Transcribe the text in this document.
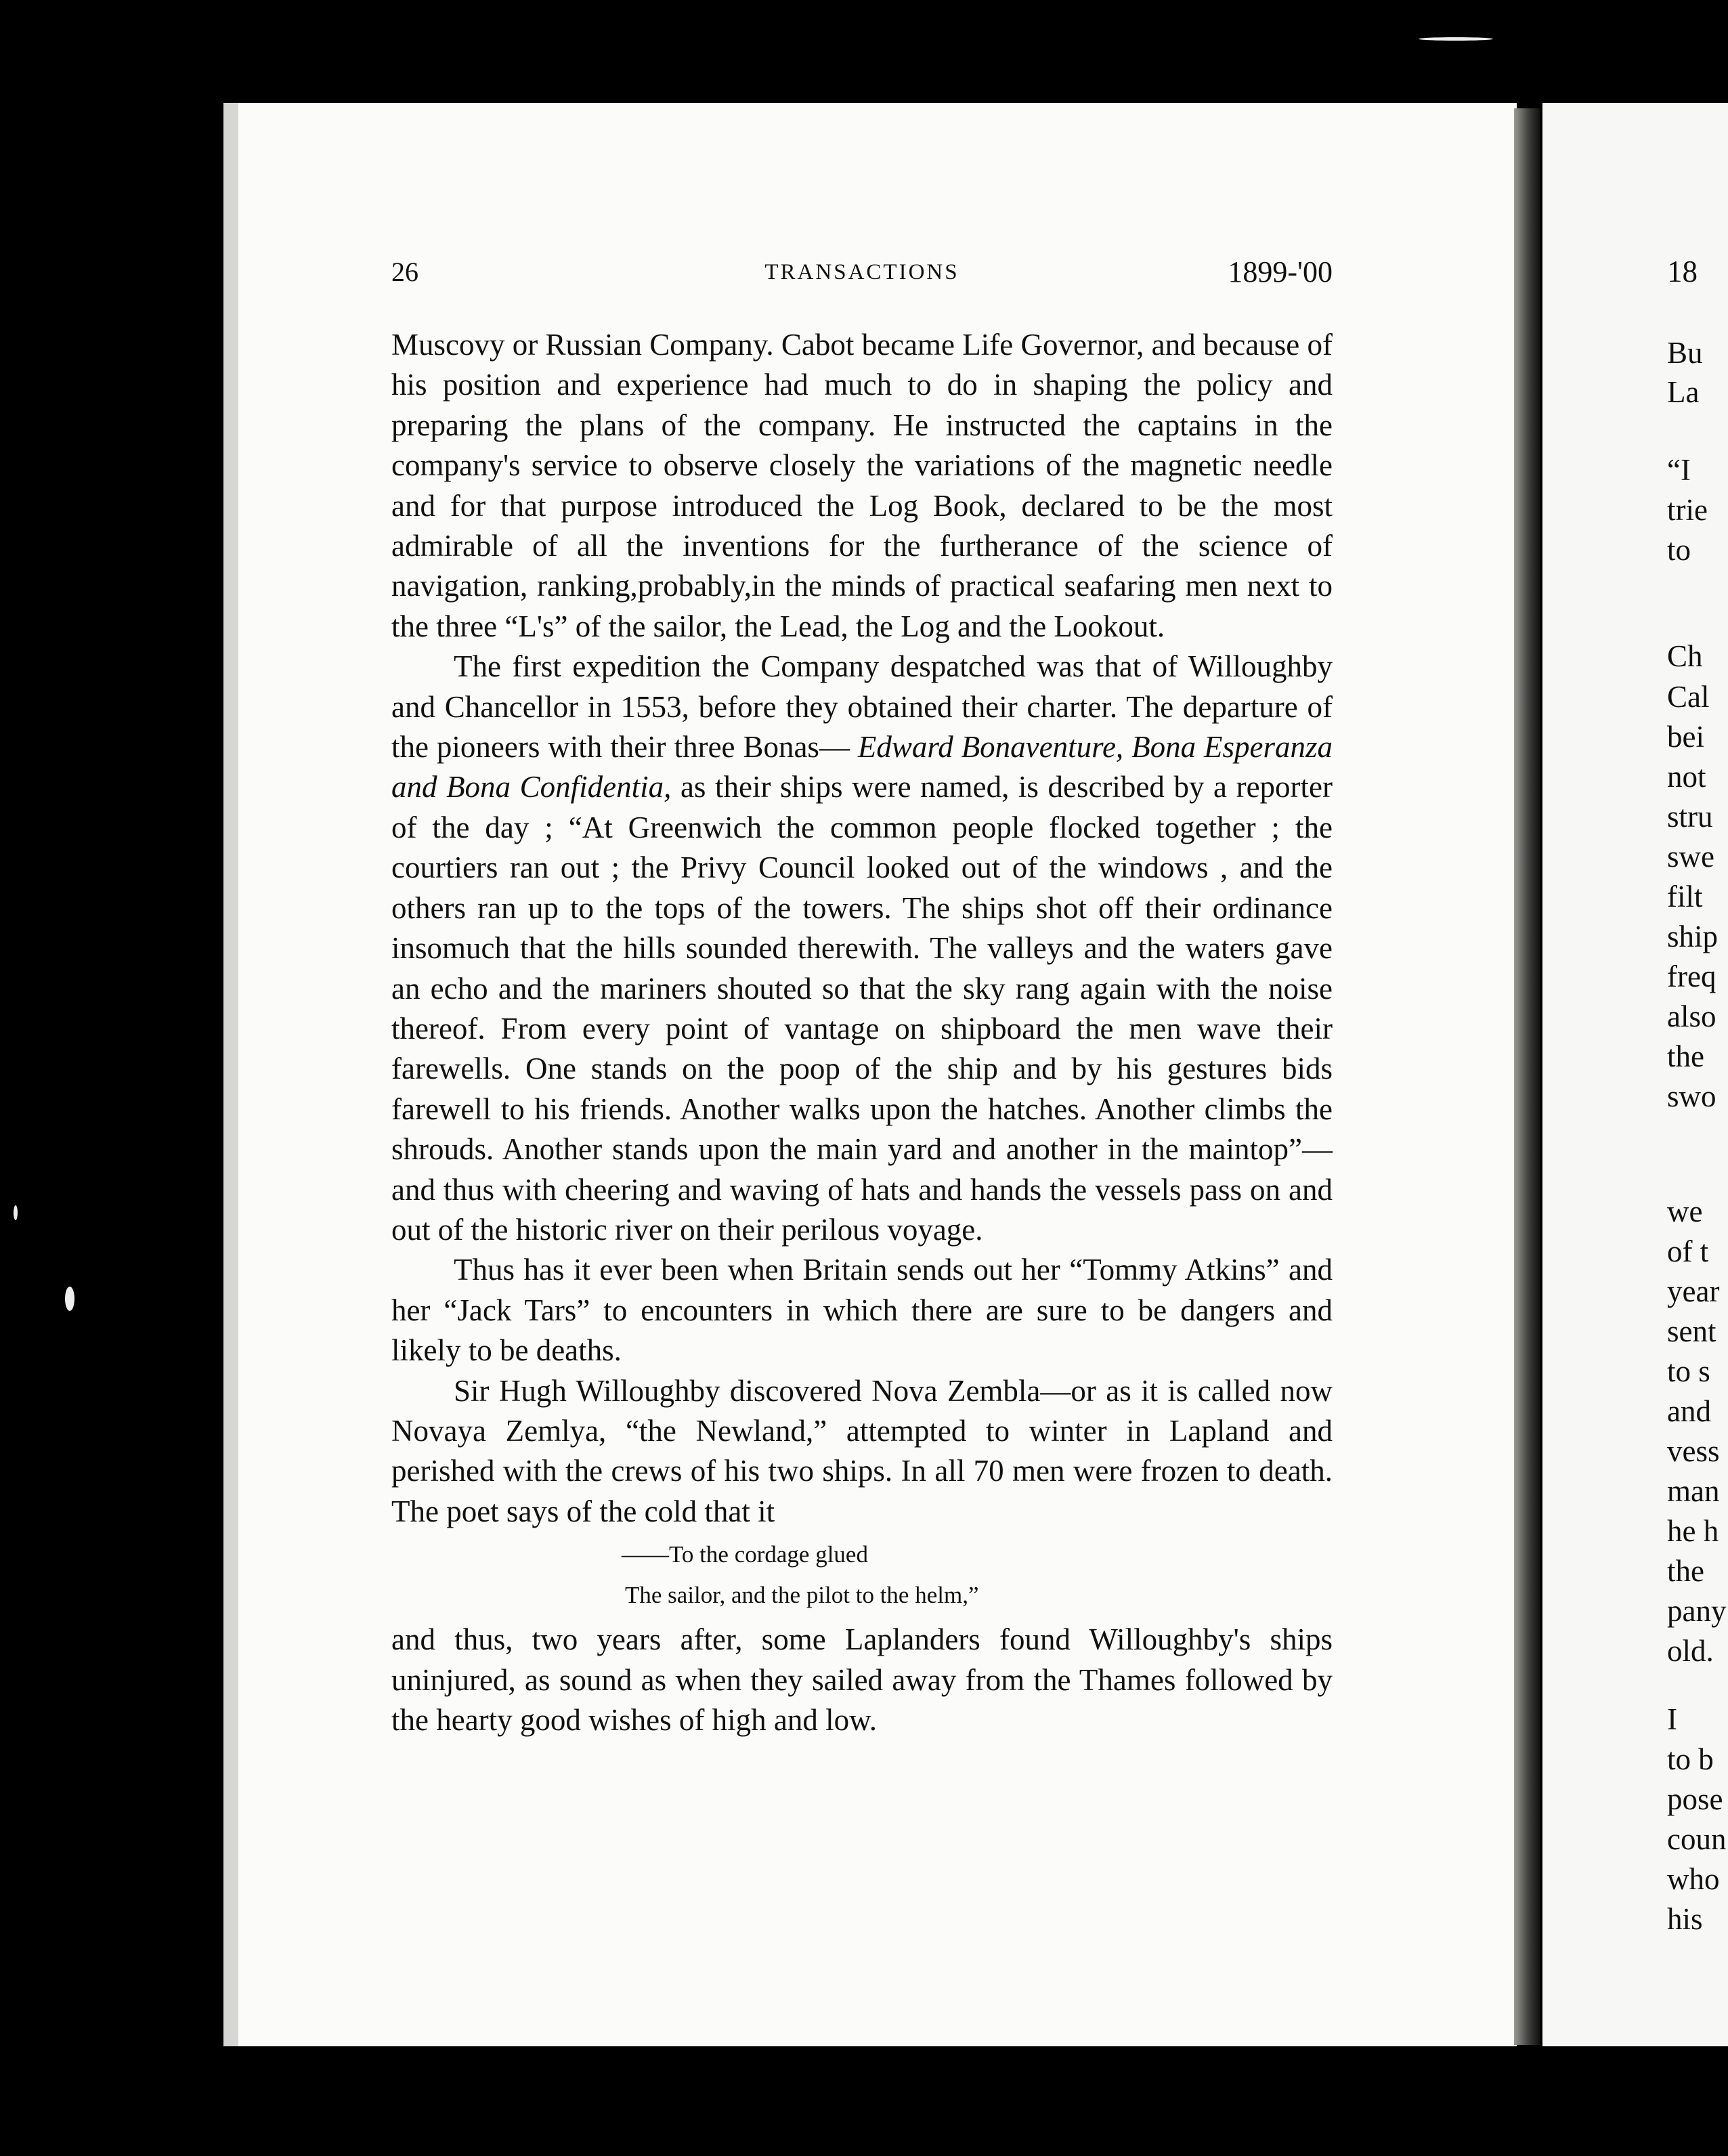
26	TRANSACTIONS	1899-'00

Muscovy or Russian Company. Cabot became Life Governor, and because of his position and experience had much to do in shaping the policy and preparing the plans of the company. He instructed the captains in the company's service to observe closely the variations of the magnetic needle and for that purpose introduced the Log Book, declared to be the most admirable of all the inventions for the furtherance of the science of navigation, ranking,probably,in the minds of practical seafaring men next to the three “L's” of the sailor, the Lead, the Log and the Lookout.

The first expedition the Company despatched was that of Willoughby and Chancellor in 1553, before they obtained their charter. The departure of the pioneers with their three Bonas— Edward Bonaventure, Bona Esperanza and Bona Confidentia, as their ships were named, is described by a reporter of the day ; “At Greenwich the common people flocked together ; the courtiers ran out ; the Privy Council looked out of the windows , and the others ran up to the tops of the towers. The ships shot off their ordinance insomuch that the hills sounded therewith. The valleys and the waters gave an echo and the mariners shouted so that the sky rang again with the noise thereof. From every point of vantage on shipboard the men wave their farewells. One stands on the poop of the ship and by his gestures bids farewell to his friends. Another walks upon the hatches. Another climbs the shrouds. Another stands upon the main yard and another in the maintop”—and thus with cheering and waving of hats and hands the vessels pass on and out of the historic river on their perilous voyage.

Thus has it ever been when Britain sends out her “Tommy Atkins” and her “Jack Tars” to encounters in which there are sure to be dangers and likely to be deaths.

Sir Hugh Willoughby discovered Nova Zembla—or as it is called now Novaya Zemlya, “the Newland,” attempted to winter in Lapland and perished with the crews of his two ships. In all 70 men were frozen to death. The poet says of the cold that it

——To the cordage glued
The sailor, and the pilot to the helm,”

and thus, two years after, some Laplanders found Willoughby's ships uninjured, as sound as when they sailed away from the Thames followed by the hearty good wishes of high and low.

18

Bu

La

“I

trie

to

Ch

Cal

bei

not

stru

swe

filt

ship

freq

also

the

swo

we

of t

year

sent

to s

and

vess

man

he h

the

pany

old.

I

to b

pose

coun

who

his
